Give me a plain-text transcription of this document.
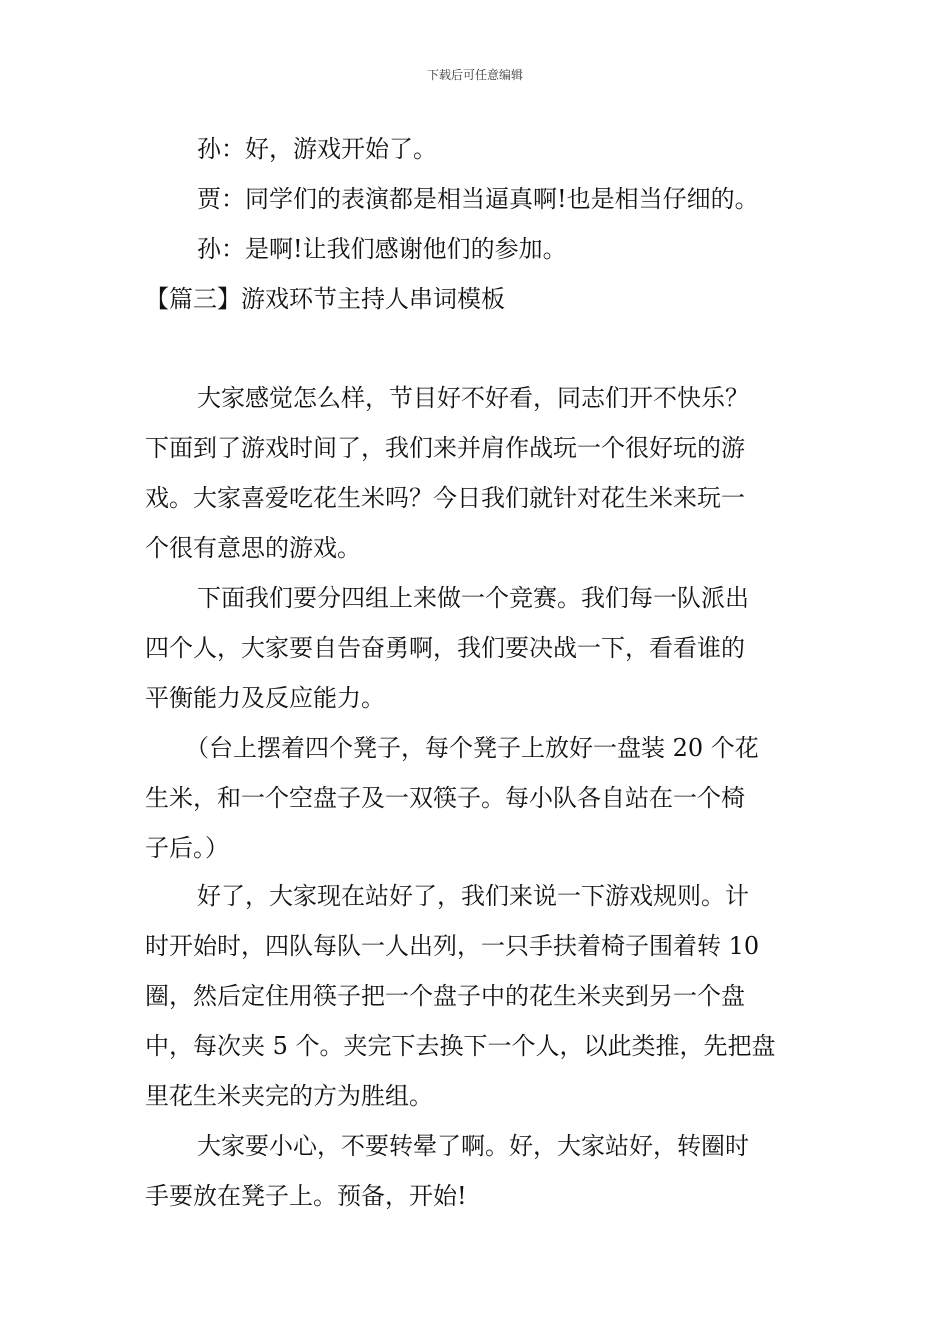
下载后可任意编辑
孙：好，游戏开始了。
贾：同学们的表演都是相当逼真啊!也是相当仔细的。
孙：是啊!让我们感谢他们的参加。
【篇三】游戏环节主持人串词模板
大家感觉怎么样，节目好不好看，同志们开不快乐？
下面到了游戏时间了，我们来并肩作战玩一个很好玩的游
戏。大家喜爱吃花生米吗？今日我们就针对花生米来玩一
个很有意思的游戏。
下面我们要分四组上来做一个竞赛。我们每一队派出
四个人，大家要自告奋勇啊，我们要决战一下，看看谁的
平衡能力及反应能力。
（台上摆着四个凳子，每个凳子上放好一盘装 20 个花
生米，和一个空盘子及一双筷子。每小队各自站在一个椅
子后。）
好了，大家现在站好了，我们来说一下游戏规则。计
时开始时，四队每队一人出列，一只手扶着椅子围着转 10
圈，然后定住用筷子把一个盘子中的花生米夹到另一个盘
中，每次夹 5 个。夹完下去换下一个人，以此类推，先把盘
里花生米夹完的方为胜组。
大家要小心，不要转晕了啊。好，大家站好，转圈时
手要放在凳子上。预备，开始!
